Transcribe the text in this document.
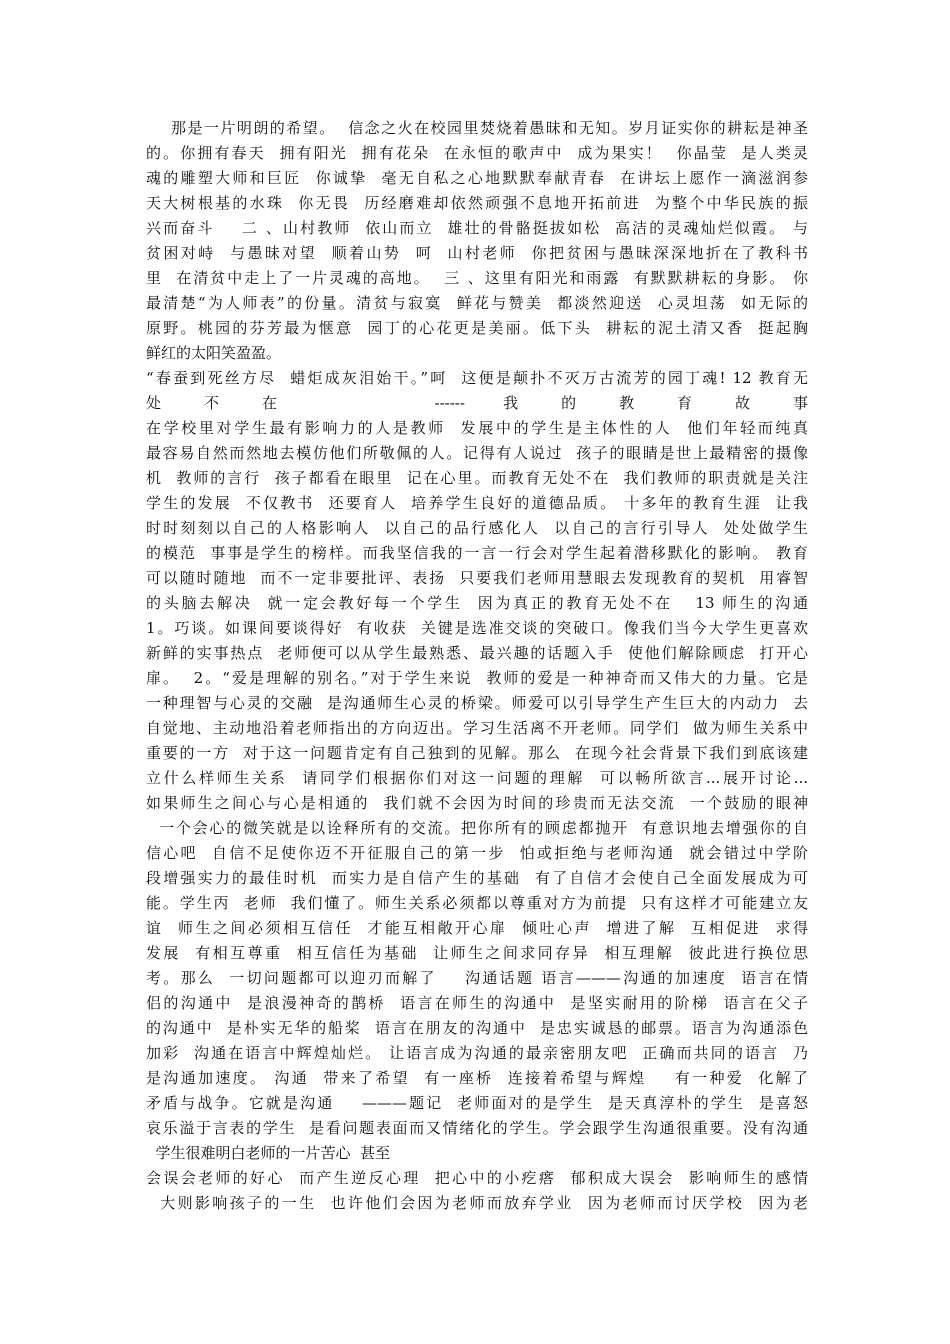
那是一片明朗的希望。  信念之火在校园里焚烧着愚昧和无知。岁月证实你的耕耘是神圣
的。你拥有春天  拥有阳光  拥有花朵  在永恒的歌声中  成为果实！  你晶莹  是人类灵
魂的雕塑大师和巨匠  你诚挚  毫无自私之心地默默奉献青春  在讲坛上愿作一滴滋润参
天大树根基的水珠  你无畏  历经磨难却依然顽强不息地开拓前进  为整个中华民族的振
兴而奋斗    二 、山村教师  依山而立  雄壮的骨骼挺拔如松  高洁的灵魂灿烂似霞。 与
贫困对峙  与愚昧对望  顺着山势  呵  山村老师  你把贫困与愚昧深深地折在了教科书
里  在清贫中走上了一片灵魂的高地。  三 、这里有阳光和雨露  有默默耕耘的身影。 你
最清楚“为人师表”的份量。清贫与寂寞  鲜花与赞美  都淡然迎送  心灵坦荡  如无际的
原野。桃园的芬芳最为惬意  园丁的心花更是美丽。低下头  耕耘的泥土清又香  挺起胸
鲜红的太阳笑盈盈。
“春蚕到死丝方尽  蜡炬成灰泪始干。”呵  这便是颠扑不灭万古流芳的园丁魂! 12 教育无
处    不    在                ------    我    的    教    育    故    事
在学校里对学生最有影响力的人是教师  发展中的学生是主体性的人  他们年轻而纯真
最容易自然而然地去模仿他们所敬佩的人。记得有人说过  孩子的眼睛是世上最精密的摄像
机  教师的言行  孩子都看在眼里  记在心里。而教育无处不在  我们教师的职责就是关注
学生的发展  不仅教书  还要育人  培养学生良好的道德品质。 十多年的教育生涯  让我
时时刻刻以自己的人格影响人  以自己的品行感化人  以自己的言行引导人  处处做学生
的模范  事事是学生的榜样。而我坚信我的一言一行会对学生起着潜移默化的影响。 教育
可以随时随地  而不一定非要批评、表扬  只要我们老师用慧眼去发现教育的契机  用睿智
的头脑去解决  就一定会教好每一个学生  因为真正的教育无处不在   13 师生的沟通
1。巧谈。如课间要谈得好  有收获  关键是选准交谈的突破口。像我们当今大学生更喜欢
新鲜的实事热点  老师便可以从学生最熟悉、最兴趣的话题入手  使他们解除顾虑  打开心
扉。  2。“爱是理解的别名。”对于学生来说  教师的爱是一种神奇而又伟大的力量。它是
一种理智与心灵的交融  是沟通师生心灵的桥梁。师爱可以引导学生产生巨大的内动力  去
自觉地、主动地沿着老师指出的方向迈出。学习生活离不开老师。同学们  做为师生关系中
重要的一方  对于这一问题肯定有自己独到的见解。那么  在现今社会背景下我们到底该建
立什么样师生关系  请同学们根据你们对这一问题的理解  可以畅所欲言...展开讨论...
如果师生之间心与心是相通的  我们就不会因为时间的珍贵而无法交流  一个鼓励的眼神
一个会心的微笑就是以诠释所有的交流。把你所有的顾虑都抛开  有意识地去增强你的自
信心吧  自信不足使你迈不开征服自己的第一步  怕或拒绝与老师沟通  就会错过中学阶
段增强实力的最佳时机  而实力是自信产生的基础  有了自信才会使自己全面发展成为可
能。学生丙  老师  我们懂了。师生关系必须都以尊重对方为前提  只有这样才可能建立友
谊  师生之间必须相互信任  才能互相敞开心扉  倾吐心声  增进了解  互相促进  求得
发展  有相互尊重  相互信任为基础  让师生之间求同存异  相互理解  彼此进行换位思
考。那么  一切问题都可以迎刃而解了    沟通话题 语言———沟通的加速度  语言在情
侣的沟通中  是浪漫神奇的鹊桥  语言在师生的沟通中  是坚实耐用的阶梯  语言在父子
的沟通中  是朴实无华的船桨  语言在朋友的沟通中  是忠实诚恳的邮票。语言为沟通添色
加彩  沟通在语言中辉煌灿烂。 让语言成为沟通的最亲密朋友吧  正确而共同的语言  乃
是沟通加速度。 沟通  带来了希望  有一座桥  连接着希望与辉煌    有一种爱  化解了
矛盾与战争。它就是沟通    ———题记  老师面对的是学生  是天真淳朴的学生  是喜怒
哀乐溢于言表的学生  是看问题表面而又情绪化的学生。学会跟学生沟通很重要。没有沟通
学生很难明白老师的一片苦心  甚至
会误会老师的好心  而产生逆反心理  把心中的小疙瘩  郁积成大误会  影响师生的感情
大则影响孩子的一生  也许他们会因为老师而放弃学业  因为老师而讨厌学校  因为老
